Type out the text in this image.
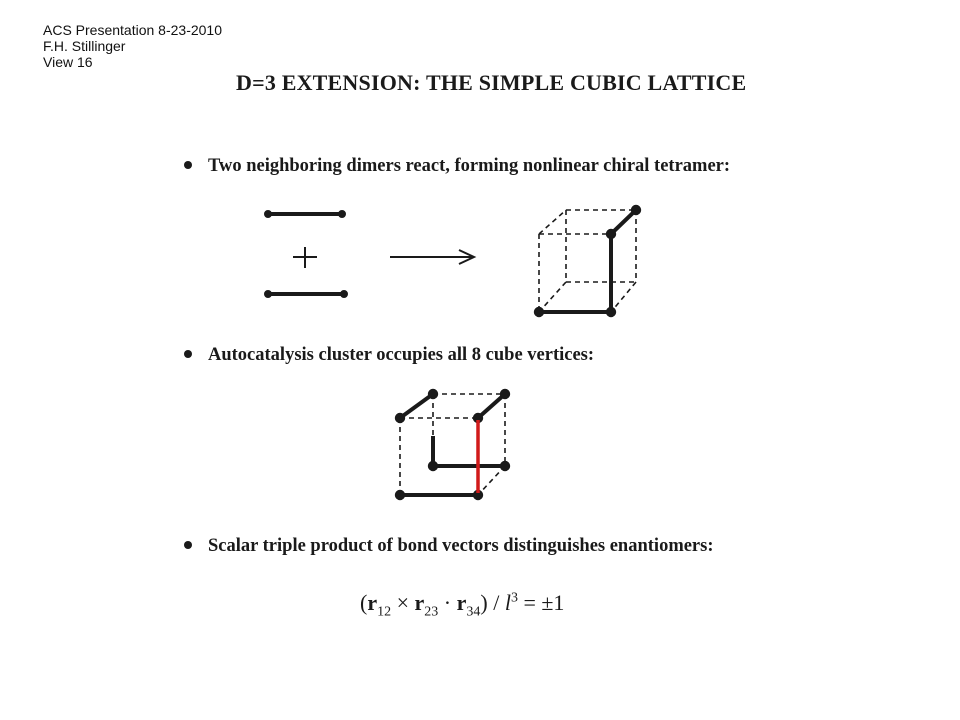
ACS Presentation 8-23-2010
F.H. Stillinger
View 16
D=3 EXTENSION: THE SIMPLE CUBIC LATTICE
Two neighboring dimers react, forming nonlinear chiral tetramer:
Autocatalysis cluster occupies all 8 cube vertices:
Scalar triple product of bond vectors distinguishes enantiomers:
$(r_{12} \times r_{23} \cdot r_{34}) / l^3 = \pm 1$
